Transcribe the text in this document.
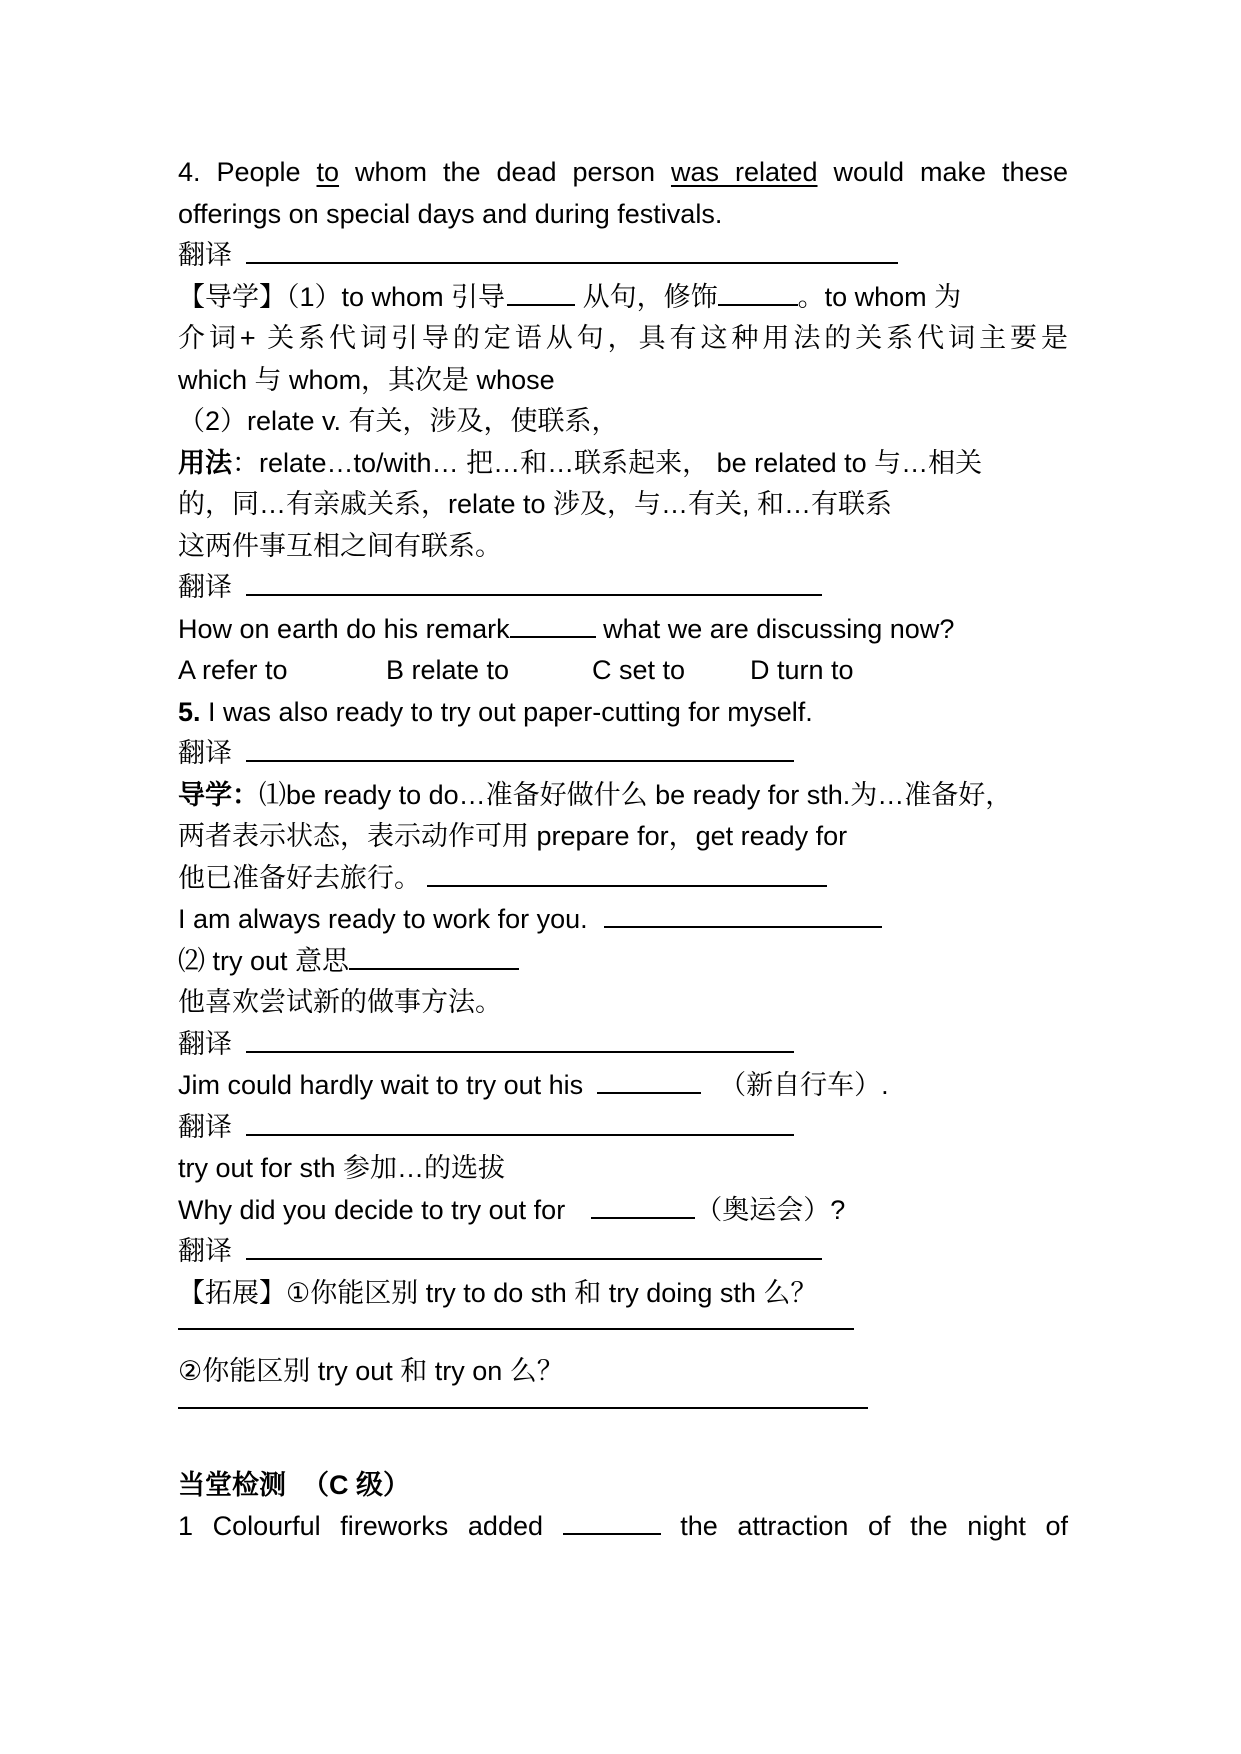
4. People to whom the dead person was related would make these
offerings on special days and during festivals.
翻译
【导学】（1）to whom 引导	从句，修饰	。to whom 为
介词+ 关系代词引导的定语从句，具有这种用法的关系代词主要是
which 与 whom，其次是 whose
（2）relate v. 有关，涉及，使联系，
用法：relate…to/with… 把…和…联系起来， be related to 与…相关
的，同…有亲戚关系，relate to 涉及，与…有关, 和…有联系
这两件事互相之间有联系。
翻译
How on earth do his remark	what we are discussing now?
A refer to	B relate to	C set to D turn to
5. I was also ready to try out paper-cutting for myself.
翻译
导学：⑴be ready to do…准备好做什么 be ready for sth.为…准备好，
两者表示状态，表示动作可用 prepare for，get ready for
他已准备好去旅行。
I am always ready to work for you.
⑵ try out 意思
他喜欢尝试新的做事方法。
翻译
Jim could hardly wait to try out his	（新自行车）.
翻译
try out for sth 参加…的选拔
Why did you decide to try out for	（奥运会）?
翻译
【拓展】①你能区别 try to do sth 和 try doing sth 么？
②你能区别 try out 和 try on 么？
当堂检测 （C 级）
1 Colourful fireworks added	the attraction of the night of
